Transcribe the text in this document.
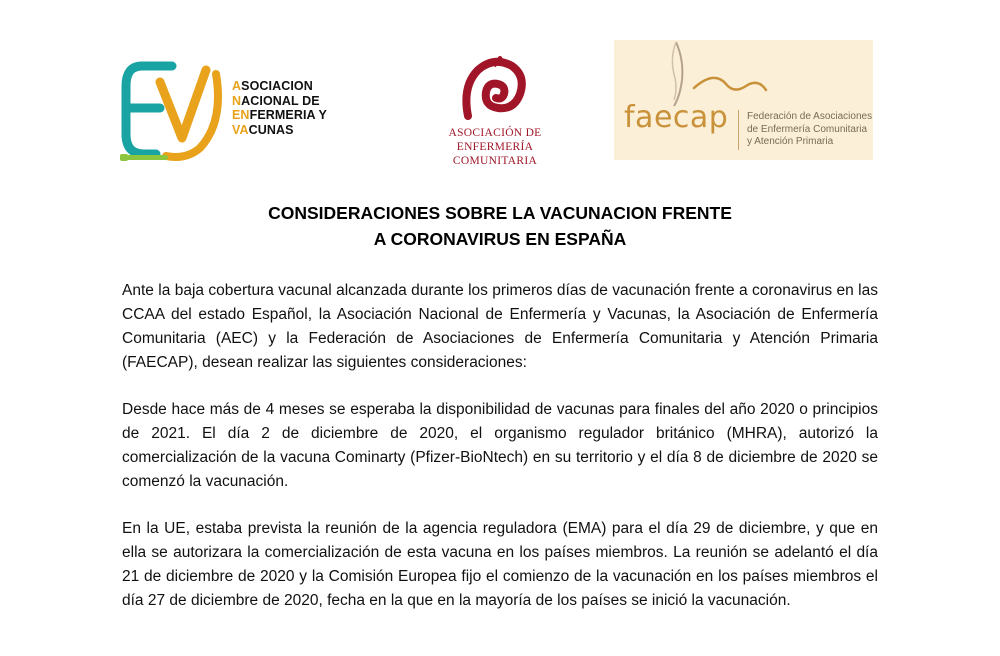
ASOCIACION
NACIONAL DE
ENFERMERIA Y
VACUNAS	ASOCIACIÓN DE
ENFERMERÍA COMUNITARIA
faecap Federación de Asociaciones
de Enfermería Comunitaria
y Atención Primaria
CONSIDERACIONES SOBRE LA VACUNACION FRENTE
A CORONAVIRUS EN ESPAÑA

Ante la baja cobertura vacunal alcanzada durante los primeros días de vacunación frente a coronavirus en las CCAA del estado Español, la Asociación Nacional de Enfermería y Vacunas, la Asociación de Enfermería Comunitaria (AEC) y la Federación de Asociaciones de Enfermería Comunitaria y Atención Primaria (FAECAP), desean realizar las siguientes consideraciones:

Desde hace más de 4 meses se esperaba la disponibilidad de vacunas para finales del año 2020 o principios de 2021. El día 2 de diciembre de 2020, el organismo regulador británico (MHRA), autorizó la comercialización de la vacuna Cominarty (Pfizer-BioNtech) en su territorio y el día 8 de diciembre de 2020 se comenzó la vacunación.

En la UE, estaba prevista la reunión de la agencia reguladora (EMA) para el día 29 de diciembre, y que en ella se autorizara la comercialización de esta vacuna en los países miembros. La reunión se adelantó el día 21 de diciembre de 2020 y la Comisión Europea fijo el comienzo de la vacunación en los países miembros el día 27 de diciembre de 2020, fecha en la que en la mayoría de los países se inició la vacunación.
